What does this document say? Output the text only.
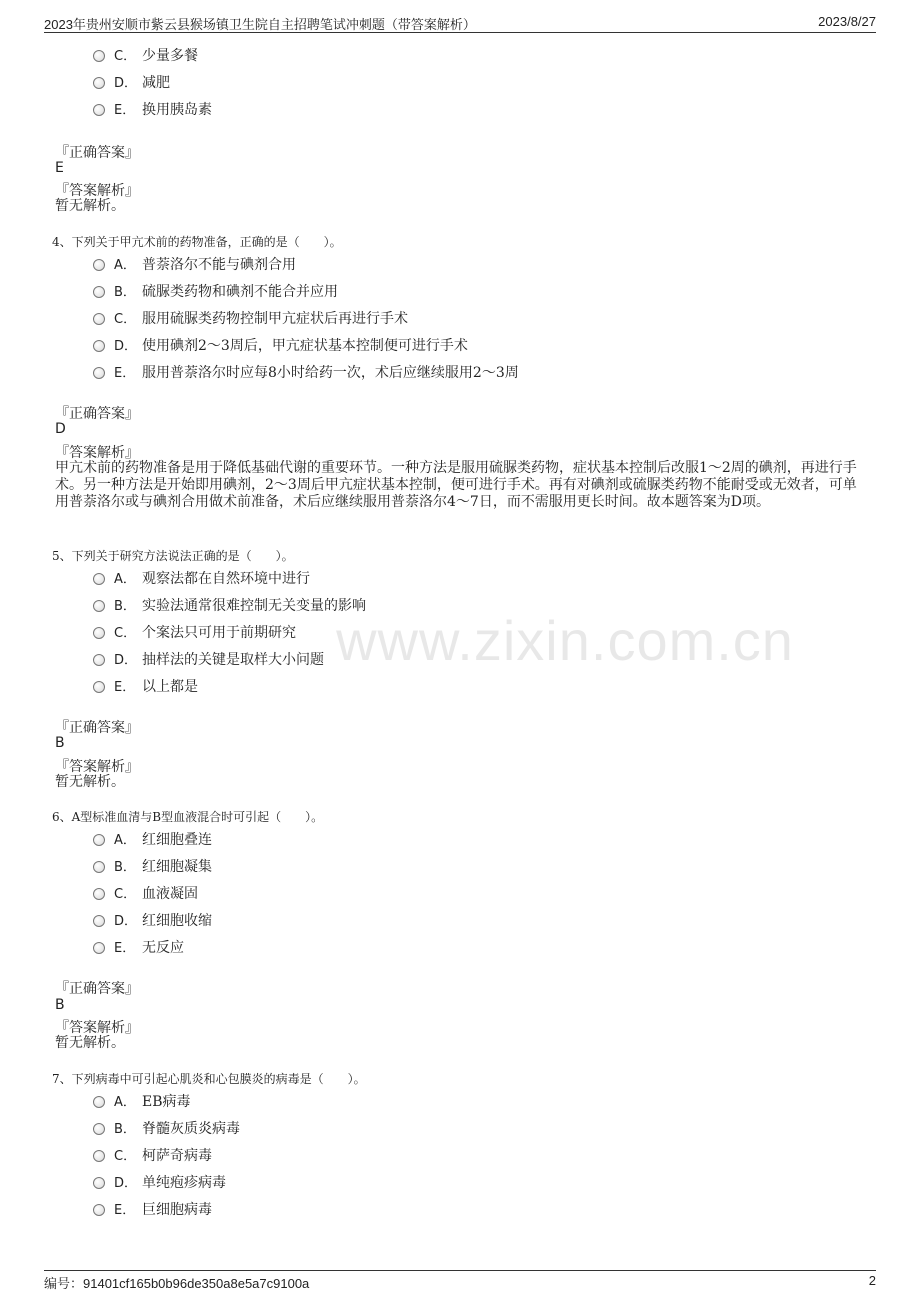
2023年贵州安顺市紫云县猴场镇卫生院自主招聘笔试冲刺题（带答案解析）	2023/8/27
www.zixin.com.cn
C． 少量多餐
D． 减肥
E． 换用胰岛素
『正确答案』
E
『答案解析』
暂无解析。
4、下列关于甲亢术前的药物准备，正确的是（　　）。
A． 普萘洛尔不能与碘剂合用
B． 硫脲类药物和碘剂不能合并应用
C． 服用硫脲类药物控制甲亢症状后再进行手术
D． 使用碘剂2～3周后，甲亢症状基本控制便可进行手术
E． 服用普萘洛尔时应每8小时给药一次，术后应继续服用2～3周
『正确答案』
D
『答案解析』
甲亢术前的药物准备是用于降低基础代谢的重要环节。一种方法是服用硫脲类药物，症状基本控制后改服1～2周的碘剂，再进行手术。另一种方法是开始即用碘剂，2～3周后甲亢症状基本控制，便可进行手术。再有对碘剂或硫脲类药物不能耐受或无效者，可单用普萘洛尔或与碘剂合用做术前准备，术后应继续服用普萘洛尔4～7日，而不需服用更长时间。故本题答案为D项。
5、下列关于研究方法说法正确的是（　　）。
A． 观察法都在自然环境中进行
B． 实验法通常很难控制无关变量的影响
C． 个案法只可用于前期研究
D． 抽样法的关键是取样大小问题
E． 以上都是
『正确答案』
B
『答案解析』
暂无解析。
6、A型标准血清与B型血液混合时可引起（　　）。
A． 红细胞叠连
B． 红细胞凝集
C． 血液凝固
D． 红细胞收缩
E． 无反应
『正确答案』
B
『答案解析』
暂无解析。
7、下列病毒中可引起心肌炎和心包膜炎的病毒是（　　）。
A． EB病毒
B． 脊髓灰质炎病毒
C． 柯萨奇病毒
D． 单纯疱疹病毒
E． 巨细胞病毒
编号：91401cf165b0b96de350a8e5a7c9100a	2
